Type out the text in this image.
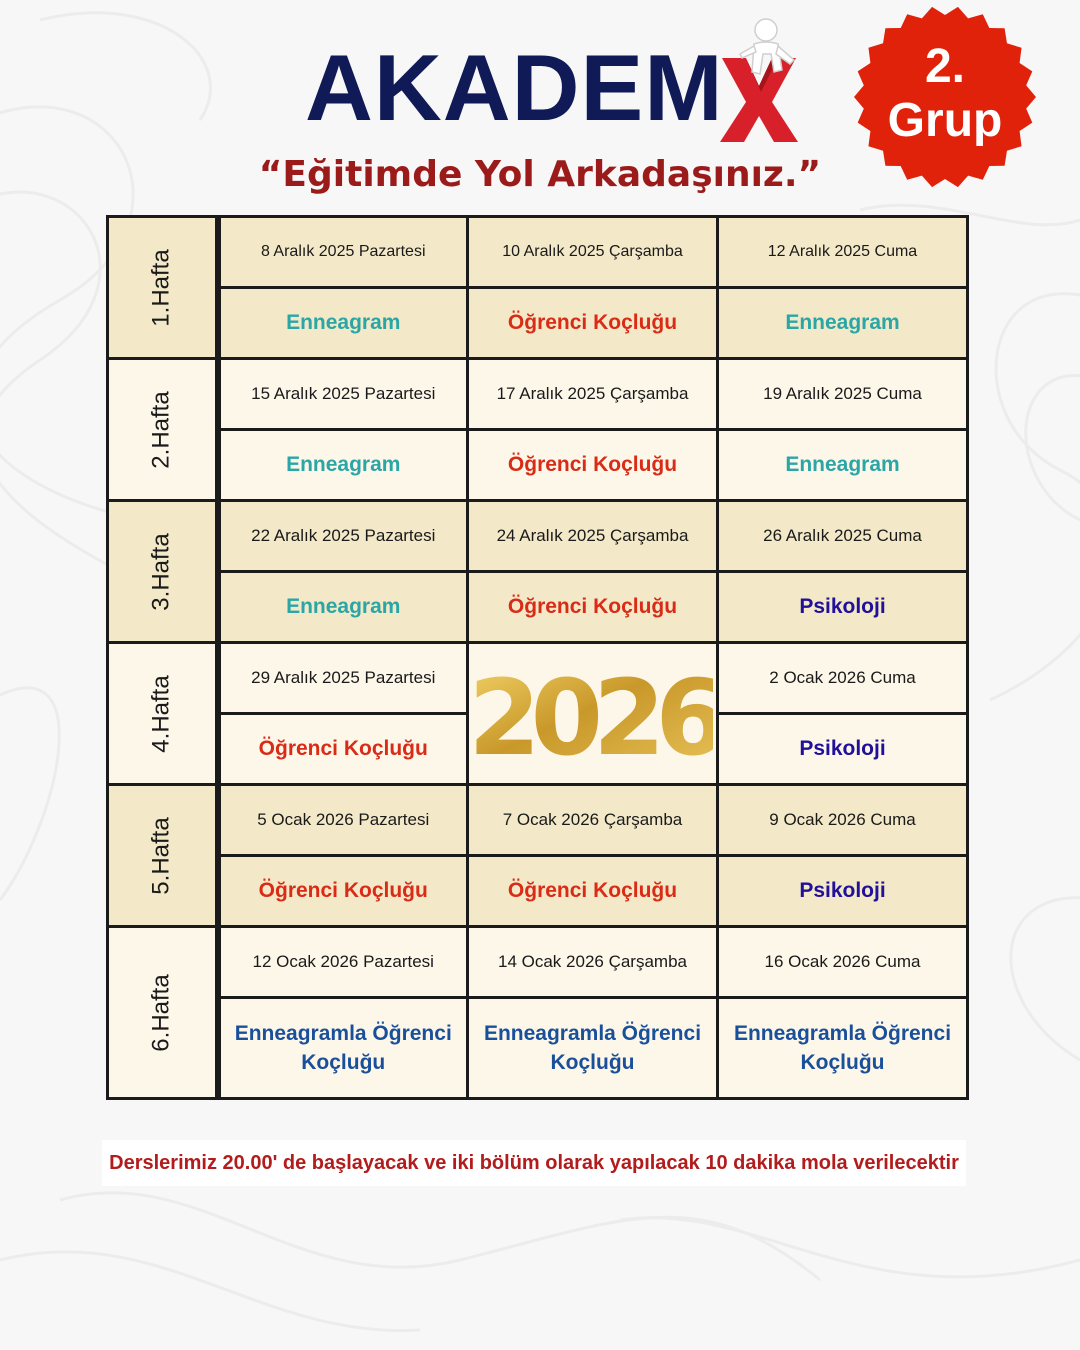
AKADEM
“Eğitimde Yol Arkadaşınız.”
2.
Grup
1.Hafta	8 Aralık 2025 Pazartesi	10 Aralık 2025 Çarşamba	12 Aralık 2025 Cuma
	Enneagram	Öğrenci Koçluğu	Enneagram
2.Hafta	15 Aralık 2025 Pazartesi	17 Aralık 2025 Çarşamba	19 Aralık 2025 Cuma
	Enneagram	Öğrenci Koçluğu	Enneagram
3.Hafta	22 Aralık 2025 Pazartesi	24 Aralık 2025 Çarşamba	26 Aralık 2025 Cuma
	Enneagram	Öğrenci Koçluğu	Psikoloji
4.Hafta	29 Aralık 2025 Pazartesi	2026	2 Ocak 2026 Cuma
	Öğrenci Koçluğu		Psikoloji
5.Hafta	5 Ocak 2026 Pazartesi	7 Ocak 2026 Çarşamba	9 Ocak 2026 Cuma
	Öğrenci Koçluğu	Öğrenci Koçluğu	Psikoloji
6.Hafta	12 Ocak 2026 Pazartesi	14 Ocak 2026 Çarşamba	16 Ocak 2026 Cuma
	Enneagramla Öğrenci Koçluğu	Enneagramla Öğrenci Koçluğu	Enneagramla Öğrenci Koçluğu
Derslerimiz 20.00' de başlayacak ve iki bölüm olarak yapılacak 10 dakika mola verilecektir
